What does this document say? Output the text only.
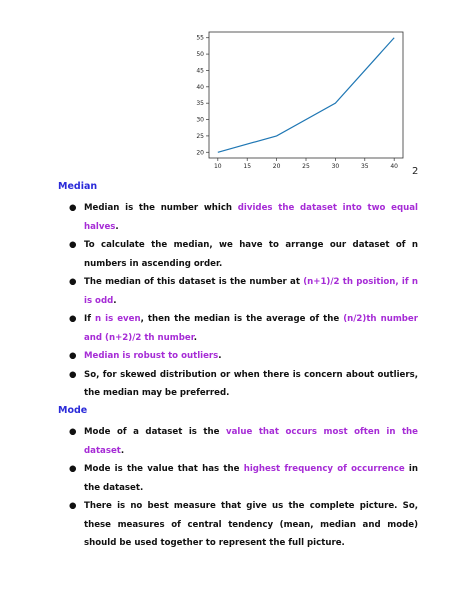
10	15	20	25	30	35	40
20
25
30
35
40
45
50
55
2
Median
● Median is the number which divides the dataset into two equal halves.
● To calculate the median, we have to arrange our dataset of n numbers in ascending order.
● The median of this dataset is the number at (n+1)/2 th position, if n is odd.
● If n is even, then the median is the average of the (n/2)th number and (n+2)/2 th number.
● Median is robust to outliers.
● So, for skewed distribution or when there is concern about outliers, the median may be preferred.
Mode
● Mode of a dataset is the value that occurs most often in the dataset.
● Mode is the value that has the highest frequency of occurrence in the dataset.
● There is no best measure that give us the complete picture. So, these measures of central tendency (mean, median and mode) should be used together to represent the full picture.
